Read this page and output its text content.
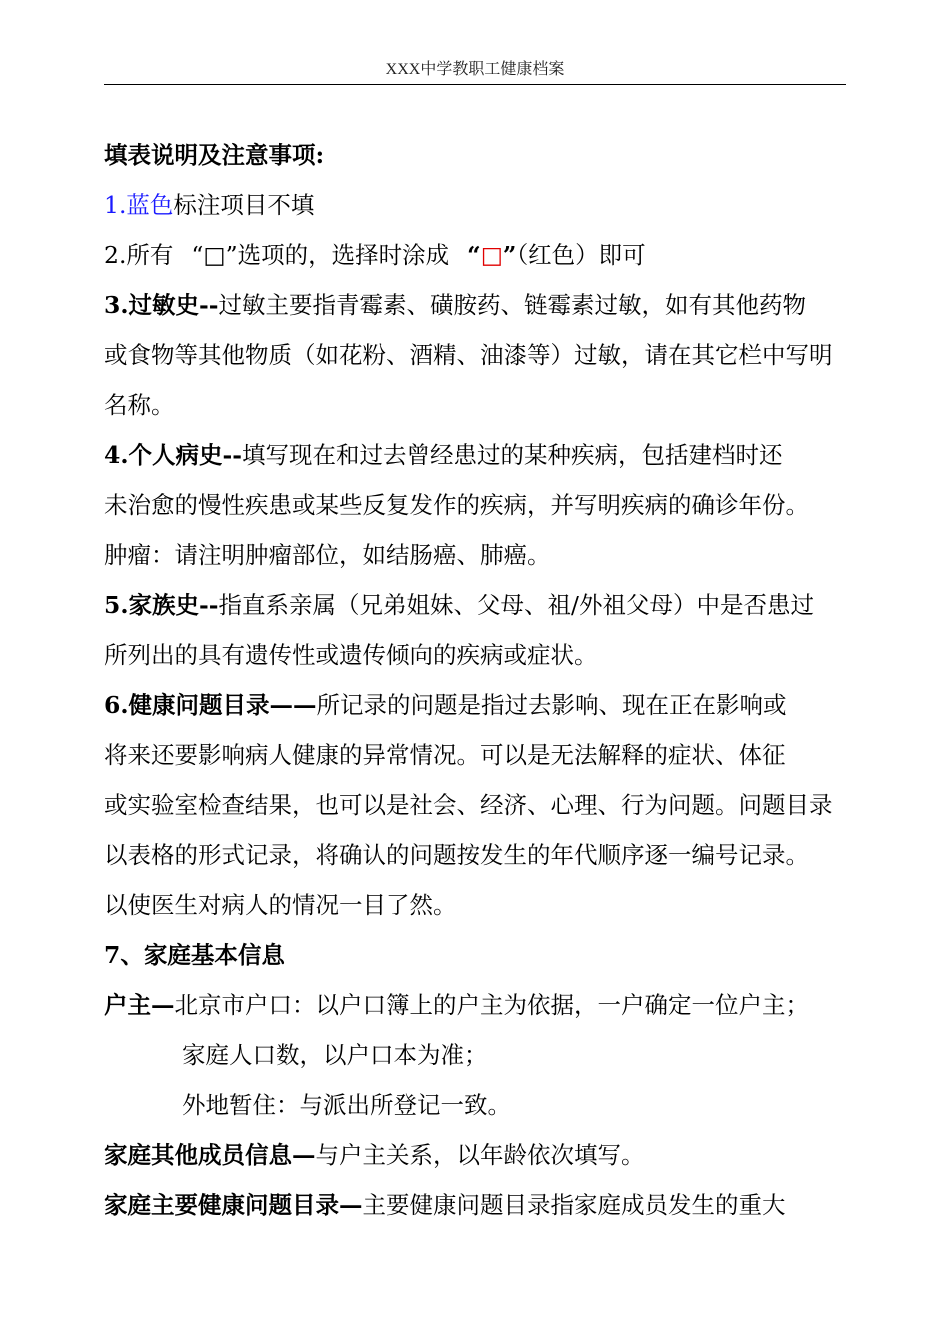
XXX中学教职工健康档案
填表说明及注意事项:
1.蓝色标注项目不填
2.所有 “□”选项的，选择时涂成 “□”（红色）即可
3.过敏史--过敏主要指青霉素、磺胺药、链霉素过敏，如有其他药物
或食物等其他物质（如花粉、酒精、油漆等）过敏，请在其它栏中写明
名称。
4.个人病史--填写现在和过去曾经患过的某种疾病，包括建档时还
未治愈的慢性疾患或某些反复发作的疾病，并写明疾病的确诊年份。
肿瘤：请注明肿瘤部位，如结肠癌、肺癌。
5.家族史--指直系亲属（兄弟姐妹、父母、祖/外祖父母）中是否患过
所列出的具有遗传性或遗传倾向的疾病或症状。
6.健康问题目录——所记录的问题是指过去影响、现在正在影响或
将来还要影响病人健康的异常情况。可以是无法解释的症状、体征
或实验室检查结果，也可以是社会、经济、心理、行为问题。问题目录
以表格的形式记录，将确认的问题按发生的年代顺序逐一编号记录。
以使医生对病人的情况一目了然。
7、家庭基本信息
户主—北京市户口：以户口簿上的户主为依据，一户确定一位户主；
家庭人口数，以户口本为准；
外地暂住：与派出所登记一致。
家庭其他成员信息—与户主关系，以年龄依次填写。
家庭主要健康问题目录—主要健康问题目录指家庭成员发生的重大
